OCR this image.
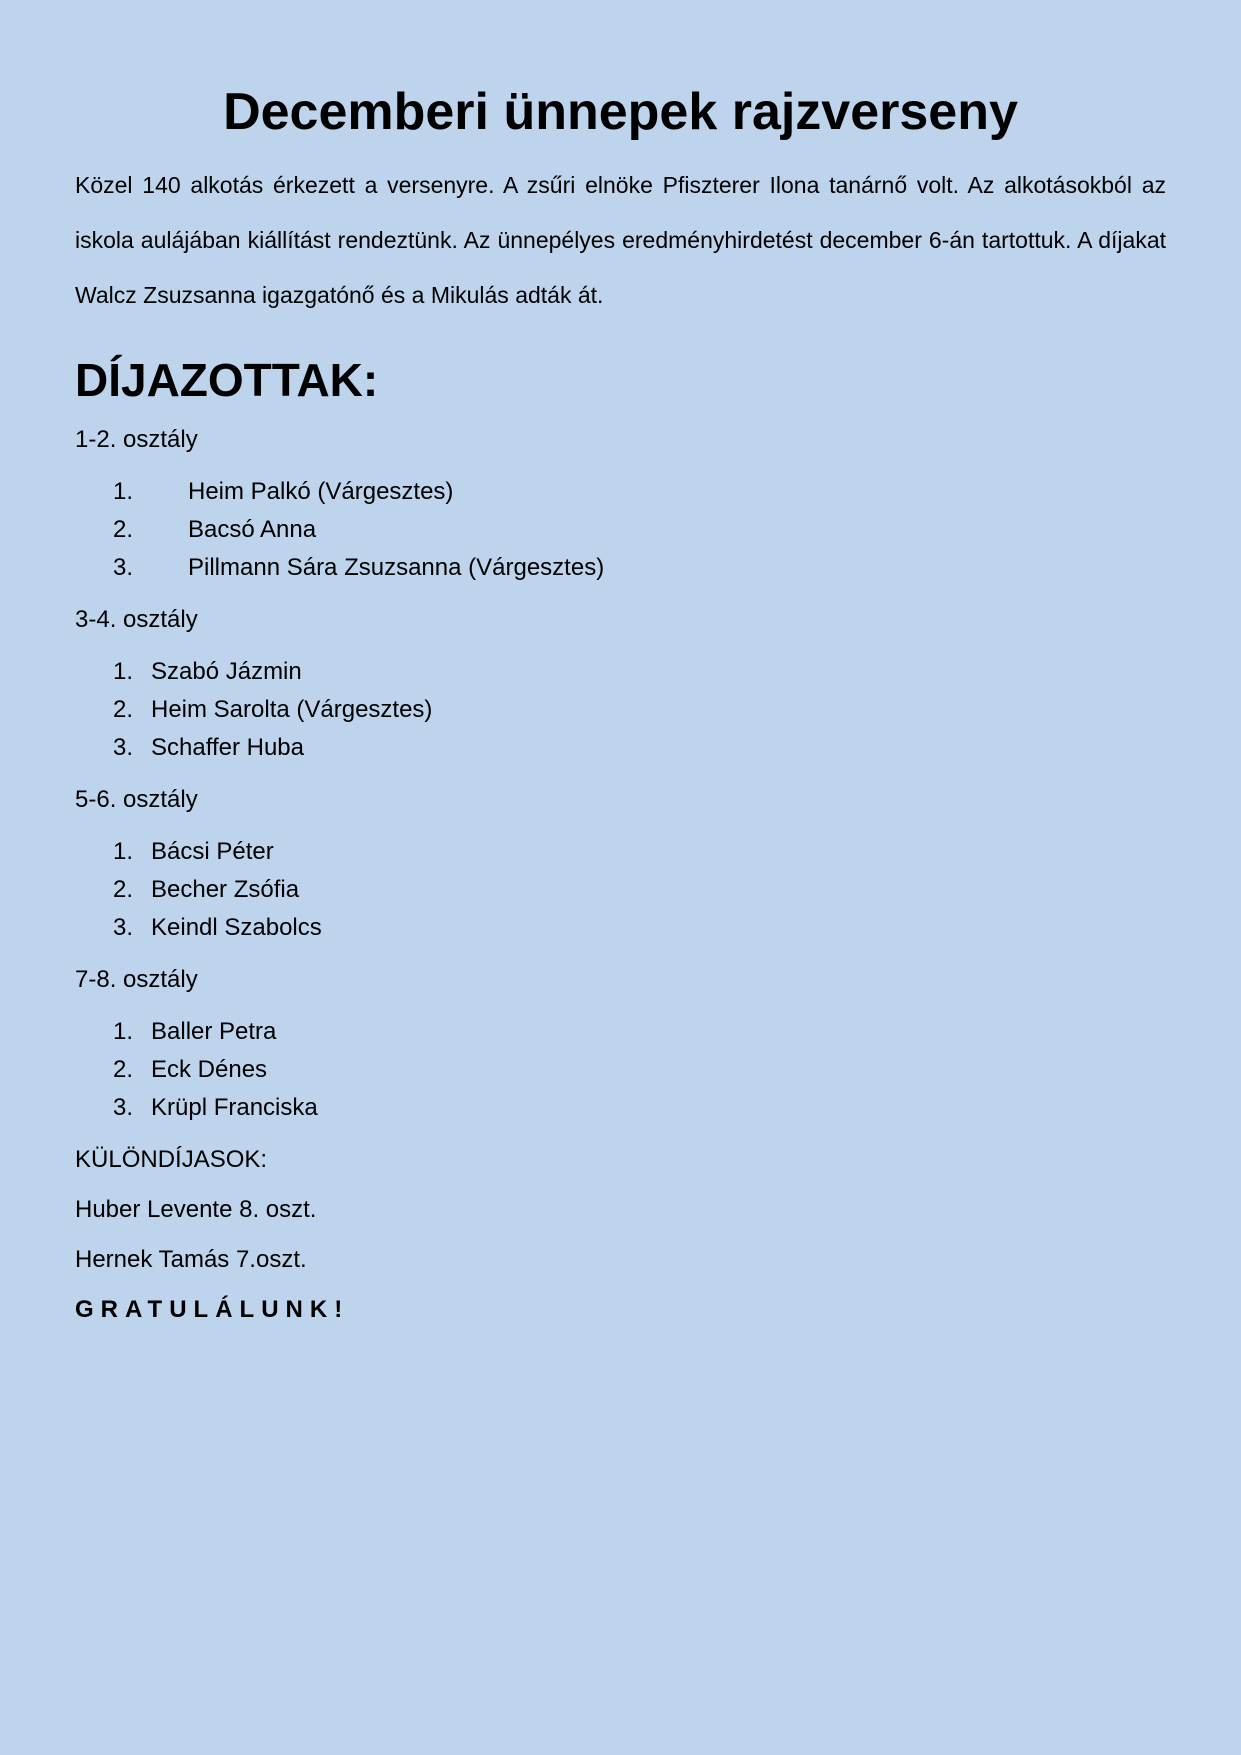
Decemberi ünnepek rajzverseny

Közel 140 alkotás érkezett a versenyre. A zsűri elnöke Pfiszterer Ilona tanárnő volt. Az alkotásokból az iskola aulájában kiállítást rendeztünk. Az ünnepélyes eredményhirdetést december 6-án tartottuk. A díjakat Walcz Zsuzsanna igazgatónő és a Mikulás adták át.

DÍJAZOTTAK:

1-2. osztály

1.	Heim Palkó (Várgesztes)
2.	Bacsó Anna
3.	Pillmann Sára Zsuzsanna (Várgesztes)

3-4. osztály

1. Szabó Jázmin
2. Heim Sarolta (Várgesztes)
3. Schaffer Huba

5-6. osztály

1. Bácsi Péter
2. Becher Zsófia
3. Keindl Szabolcs

7-8. osztály

1. Baller Petra
2. Eck Dénes
3. Krüpl Franciska

KÜLÖNDÍJASOK:

Huber Levente 8. oszt.

Hernek Tamás 7.oszt.

GRATULÁLUNK!
